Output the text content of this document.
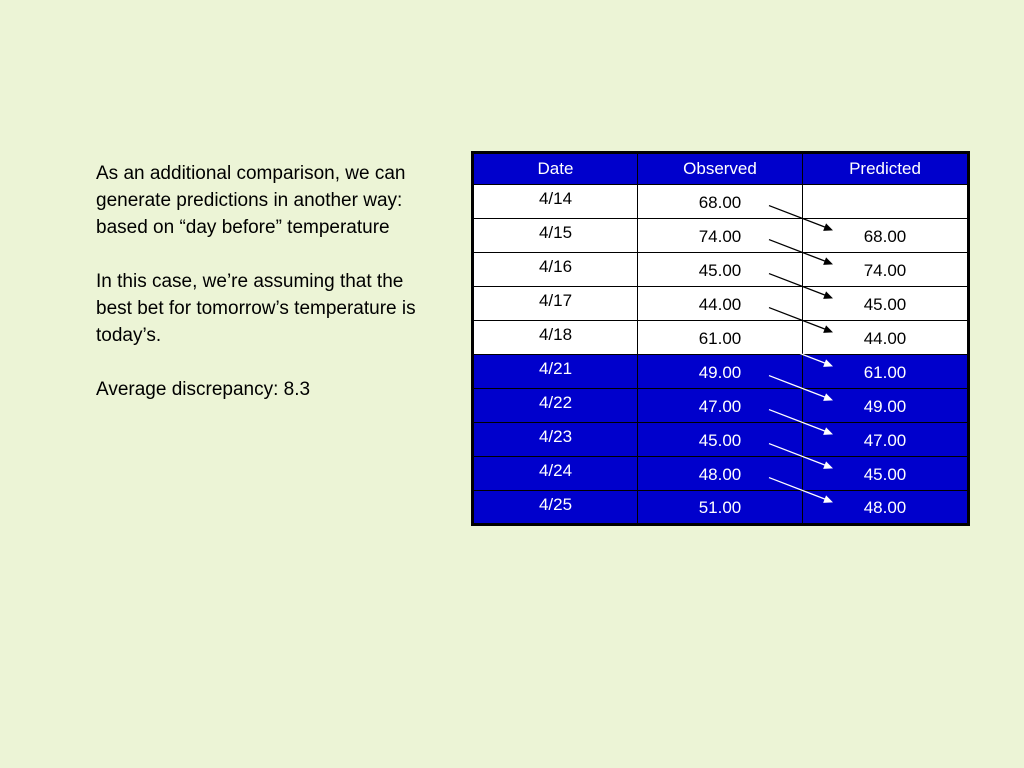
As an additional comparison, we can generate predictions in another way: based on “day before” temperature

In this case, we’re assuming that the best bet for tomorrow’s temperature is today’s.

Average discrepancy: 8.3

Date	Observed	Predicted
4/14	68.00	
4/15	74.00	68.00
4/16	45.00	74.00
4/17	44.00	45.00
4/18	61.00	44.00
4/21	49.00	61.00
4/22	47.00	49.00
4/23	45.00	47.00
4/24	48.00	45.00
4/25	51.00	48.00
